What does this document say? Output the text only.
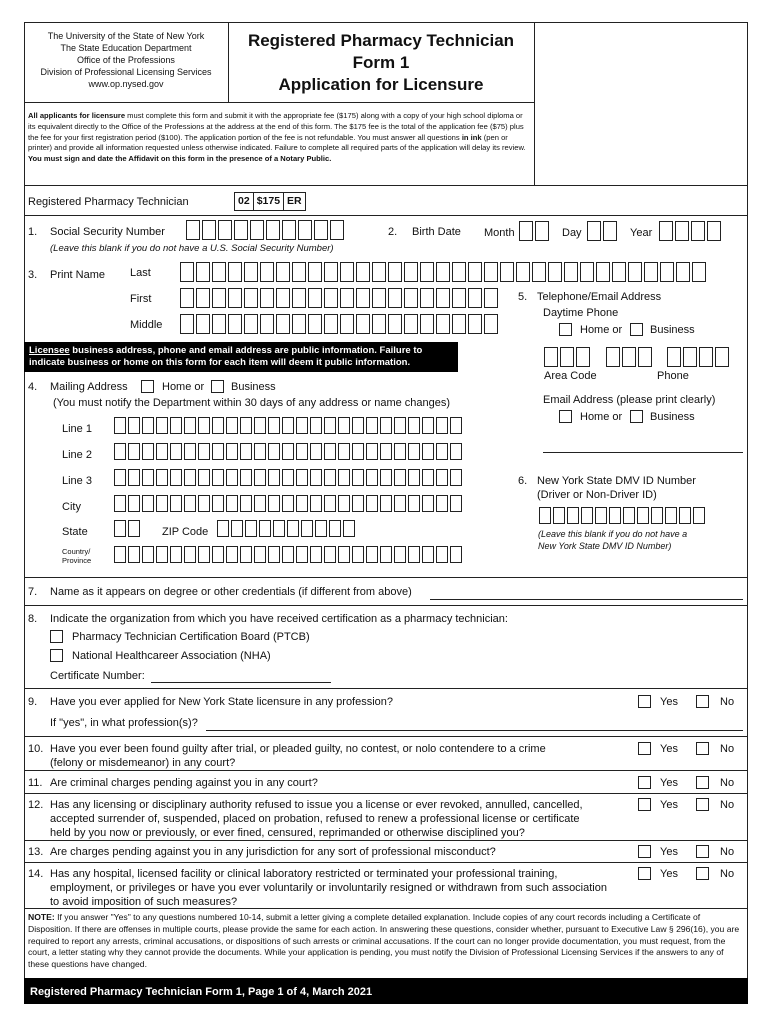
The University of the State of New York
The State Education Department
Office of the Professions
Division of Professional Licensing Services
www.op.nysed.gov
Registered Pharmacy Technician
Form 1
Application for Licensure
All applicants for licensure must complete this form and submit it with the appropriate fee ($175) along with a copy of your high school diploma or its equivalent directly to the Office of the Professions at the address at the end of this form. The $175 fee is the total of the application fee ($75) plus the fee for your first registration period ($100). The application portion of the fee is not refundable. You must answer all questions in ink (pen or printer) and provide all information requested unless otherwise indicated. Failure to complete all required parts of the application will delay its review. You must sign and date the Affidavit on this form in the presence of a Notary Public.
Registered Pharmacy Technician	02 $175 ER
1. Social Security Number
(Leave this blank if you do not have a U.S. Social Security Number)
2. Birth Date Month	Day	Year
3. Print Name Last
First
Middle
5. Telephone/Email Address
Daytime Phone
Home or	Business
Area Code	Phone
Email Address (please print clearly)
Home or	Business
Licensee business address, phone and email address are public information. Failure to indicate business or home on this form for each item will deem it public information.
4. Mailing Address	Home or Business
(You must notify the Department within 30 days of any address or name changes)
Line 1
Line 2
Line 3
City
State	ZIP Code
Country/
Province
6. New York State DMV ID Number
(Driver or Non-Driver ID)
(Leave this blank if you do not have a
New York State DMV ID Number)
7. Name as it appears on degree or other credentials (if different from above)
8. Indicate the organization from which you have received certification as a pharmacy technician:
Pharmacy Technician Certification Board (PTCB)
National Healthcareer Association (NHA)
Certificate Number:
9. Have you ever applied for New York State licensure in any profession?	Yes	No
If "yes", in what profession(s)?
10. Have you ever been found guilty after trial, or pleaded guilty, no contest, or nolo contendere to a crime
(felony or misdemeanor) in any court?
Yes	No
11. Are criminal charges pending against you in any court?	Yes	No
12. Has any licensing or disciplinary authority refused to issue you a license or ever revoked, annulled, cancelled,
accepted surrender of, suspended, placed on probation, refused to renew a professional license or certificate
held by you now or previously, or ever fined, censured, reprimanded or otherwise disciplined you?
Yes	No
13. Are charges pending against you in any jurisdiction for any sort of professional misconduct?	Yes	No
14. Has any hospital, licensed facility or clinical laboratory restricted or terminated your professional training,
employment, or privileges or have you ever voluntarily or involuntarily resigned or withdrawn from such association
to avoid imposition of such measures?
Yes	No
NOTE: If you answer "Yes" to any questions numbered 10-14, submit a letter giving a complete detailed explanation. Include copies of any court records including a Certificate of Disposition. If there are offenses in multiple courts, please provide the same for each action. In answering these questions, consider whether, pursuant to Executive Law § 296(16), you are required to report any arrests, criminal accusations, or dispositions of such arrests or criminal accusations. If the court can no longer provide documentation, you must request, from the court, a letter stating why they cannot provide the documents. While your application is pending, you must notify the Division of Professional Licensing Services if the answers to any of these questions have changed.
Registered Pharmacy Technician Form 1, Page 1 of 4, March 2021
